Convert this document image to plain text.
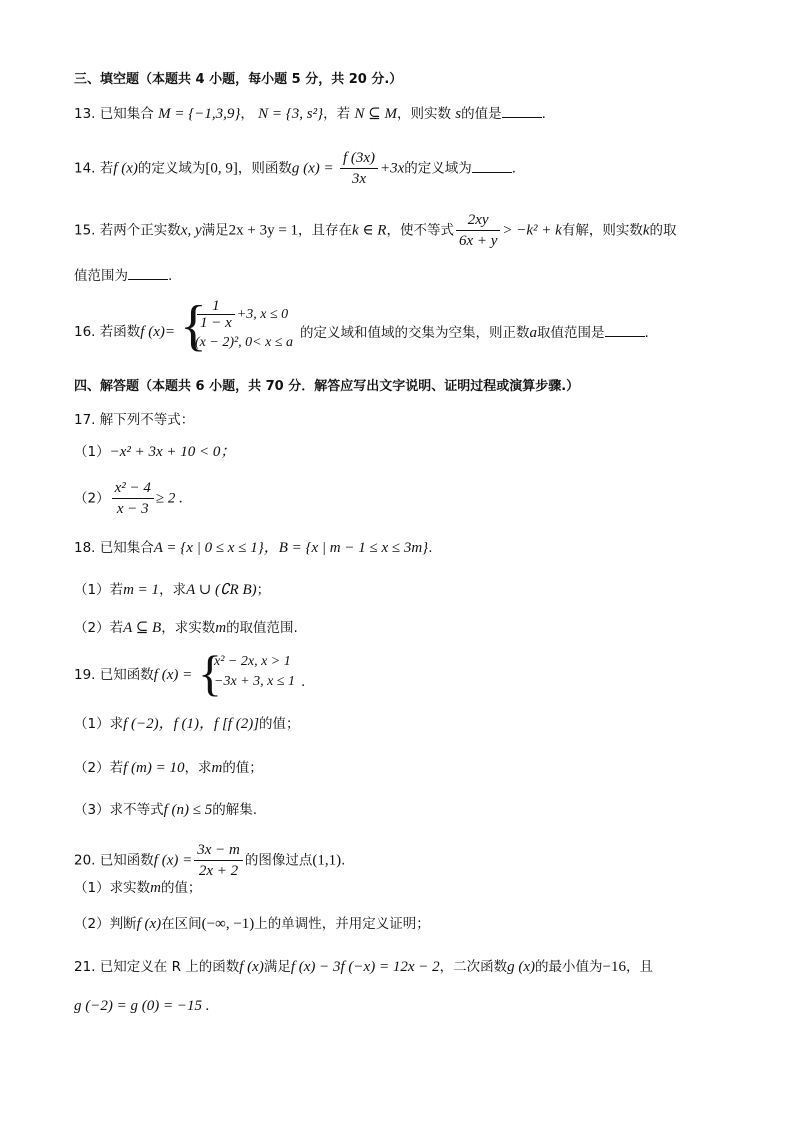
三、填空题（本题共 4 小题，每小题 5 分，共 20 分.）
13. 已知集合 M = {−1,3,9}， N = {3, s²}，若 N ⊆ M，则实数 s的值是	.
14. 若f (x)的定义域为[0, 9]，则函数g $(x) = \frac{f (3x)}{3x} +3x$的定义域为	.
15. 若两个正实数x, y满足2x + 3y = 1，且存在k ∈ R，使不等式 $\frac{2xy}{6x + y} > -k^2 + k$有解，则实数k的取
值范围为	.
16. 若函数f (x)= {
$\frac{1}{1 - x} +3$, x ≤ 0
(x − 2)², 0< x ≤ a
的定义域和值域的交集为空集，则正数a取值范围是	.
四、解答题（本题共 6 小题，共 70 分．解答应写出文字说明、证明过程或演算步骤.）
17. 解下列不等式：
（1）−x² + 3x + 10 < 0；
$(2) \frac{\text{x² − 4}}{x - 3} \ge 2$ .
18. 已知集合A = {x | 0 ≤ x ≤ 1}，B = {x | m − 1 ≤ x ≤ 3m}.
（1）若m = 1，求A ∪ (∁R B)；
（2）若A ⊆ B，求实数m的取值范围.
19. 已知函数f (x) = {
x² − 2x, x > 1
−3x + 3, x ≤ 1 .
（1）求f (−2)，f (1)，f [f (2)]的值；
（2）若f (m) = 10，求m的值；
（3）求不等式f (n) ≤ 5的解集.
20. 已知函数f $(x) = \frac{3x - m}{2x + 2}$ 的图像过点(1,1).
（1）求实数m的值；
（2）判断f (x)在区间(−∞, −1)上的单调性，并用定义证明；
21. 已知定义在 R 上的函数f (x)满足f (x) − 3f (−x) = 12x − 2，二次函数g (x)的最小值为−16，且
g (−2) = g (0) = −15 .
